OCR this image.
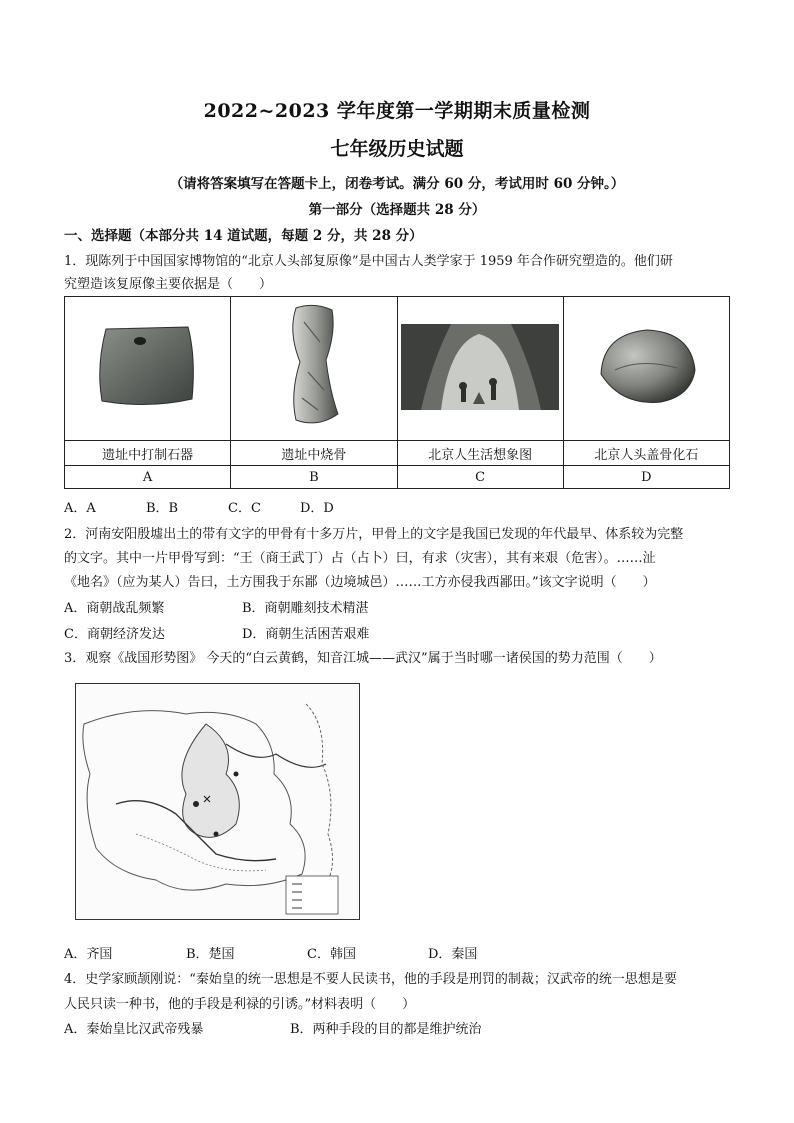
2022~2023 学年度第一学期期末质量检测
七年级历史试题
（请将答案填写在答题卡上，闭卷考试。满分 60 分，考试用时 60 分钟。）
第一部分（选择题共 28 分）
一、选择题（本部分共 14 道试题，每题 2 分，共 28 分）
1．现陈列于中国国家博物馆的“北京人头部复原像”是中国古人类学家于 1959 年合作研究塑造的。他们研
究塑造该复原像主要依据是（　　）

遗址中打制石器	遗址中烧骨	北京人生活想象图	北京人头盖骨化石
A	B	C	D
A．A	B．B	C．C	D．D
2．河南安阳殷墟出土的带有文字的甲骨有十多万片，甲骨上的文字是我国已发现的年代最早、体系较为完整
的文字。其中一片甲骨写到：“王（商王武丁）占（占卜）曰，有求（灾害），其有来艰（危害）。……沚
《地名》（应为某人）告曰，土方围我于东鄙（边境城邑）……工方亦侵我西鄙田。”该文字说明（　　）
A．商朝战乱频繁	B．商朝雕刻技术精湛
C．商朝经济发达	D．商朝生活困苦艰难
3．观察《战国形势图》 今天的“白云黄鹤，知音江城——武汉”属于当时哪一诸侯国的势力范围（　　）
A．齐国	B．楚国	C．韩国	D．秦国
4．史学家顾颉刚说：“秦始皇的统一思想是不要人民读书，他的手段是刑罚的制裁；汉武帝的统一思想是要
人民只读一种书，他的手段是利禄的引诱。”材料表明（　　）
A．秦始皇比汉武帝残暴	B．两种手段的目的都是维护统治
